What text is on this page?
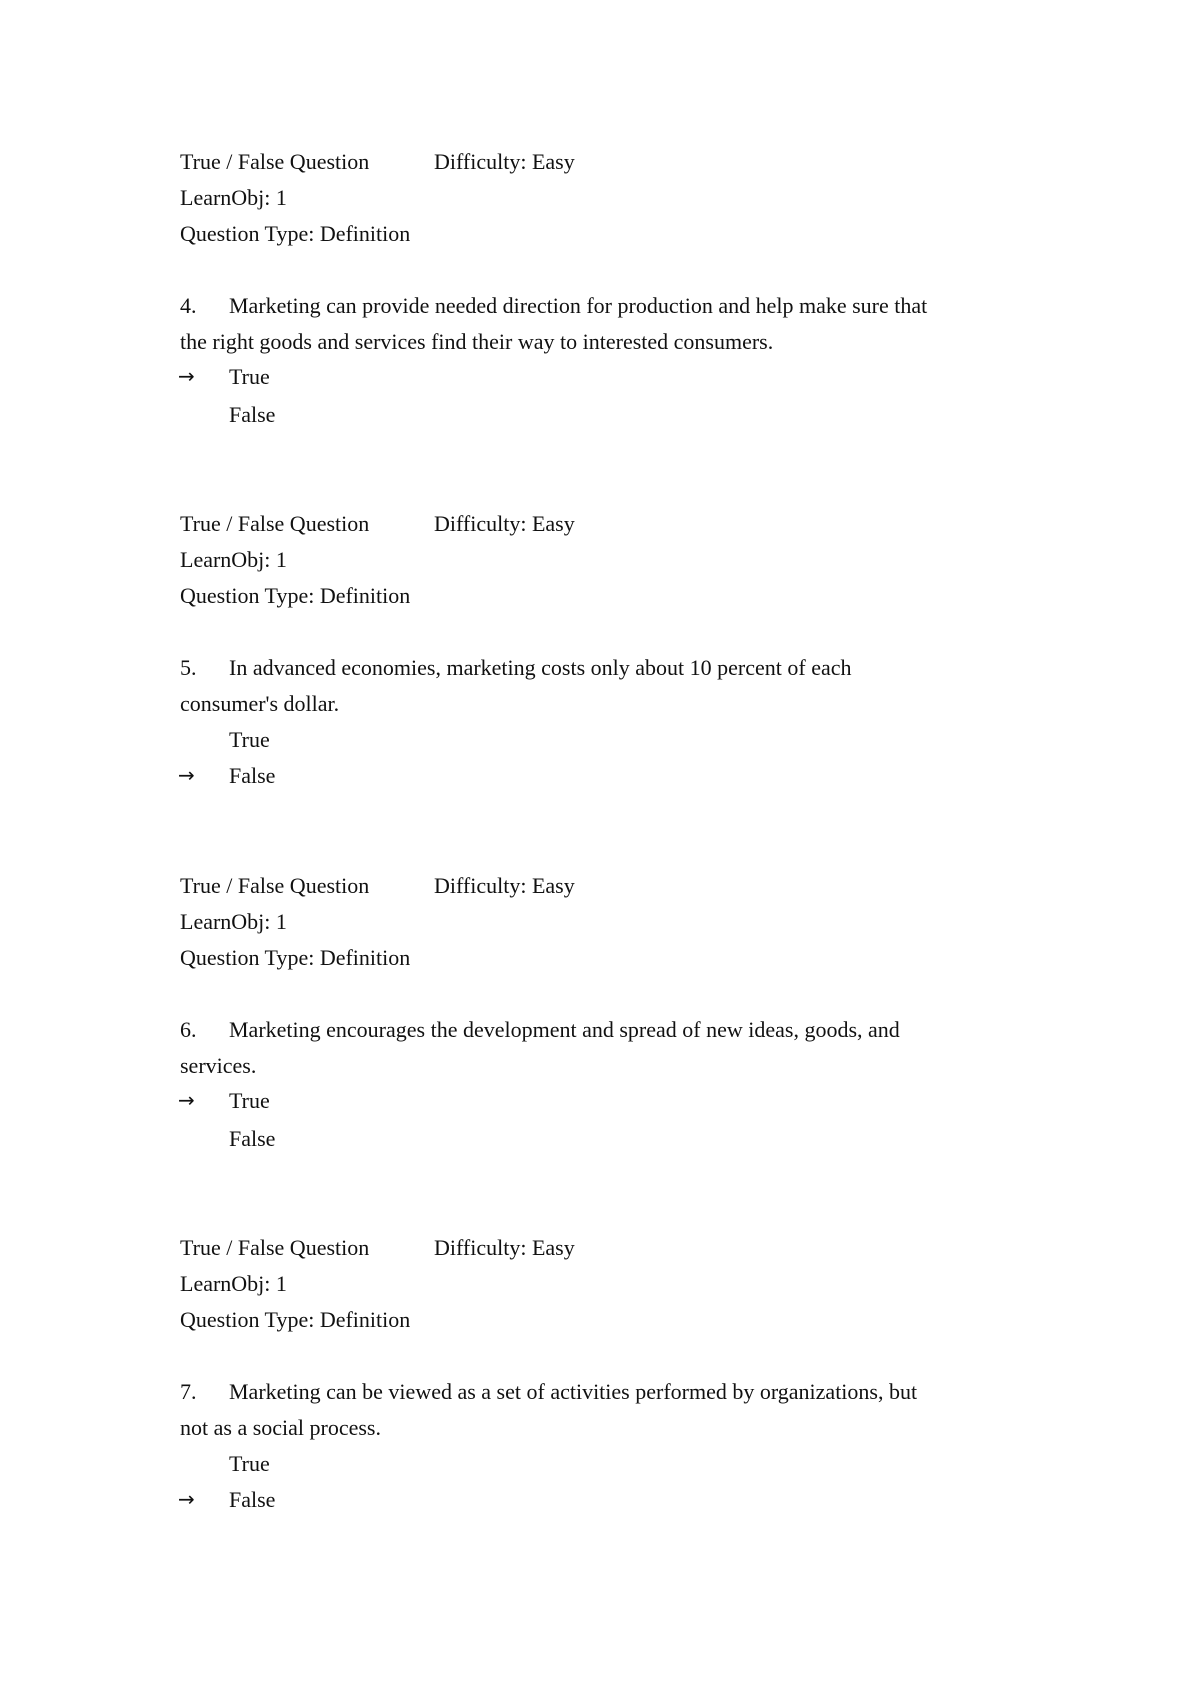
True / False Question	Difficulty: Easy
LearnObj: 1
Question Type: Definition
4. Marketing can provide needed direction for production and help make sure that
the right goods and services find their way to interested consumers.
→ True
False
True / False Question	Difficulty: Easy
LearnObj: 1
Question Type: Definition
5. In advanced economies, marketing costs only about 10 percent of each
consumer's dollar.
True
→ False
True / False Question	Difficulty: Easy
LearnObj: 1
Question Type: Definition
6. Marketing encourages the development and spread of new ideas, goods, and
services.
→ True
False
True / False Question	Difficulty: Easy
LearnObj: 1
Question Type: Definition
7. Marketing can be viewed as a set of activities performed by organizations, but
not as a social process.
True
→ False
